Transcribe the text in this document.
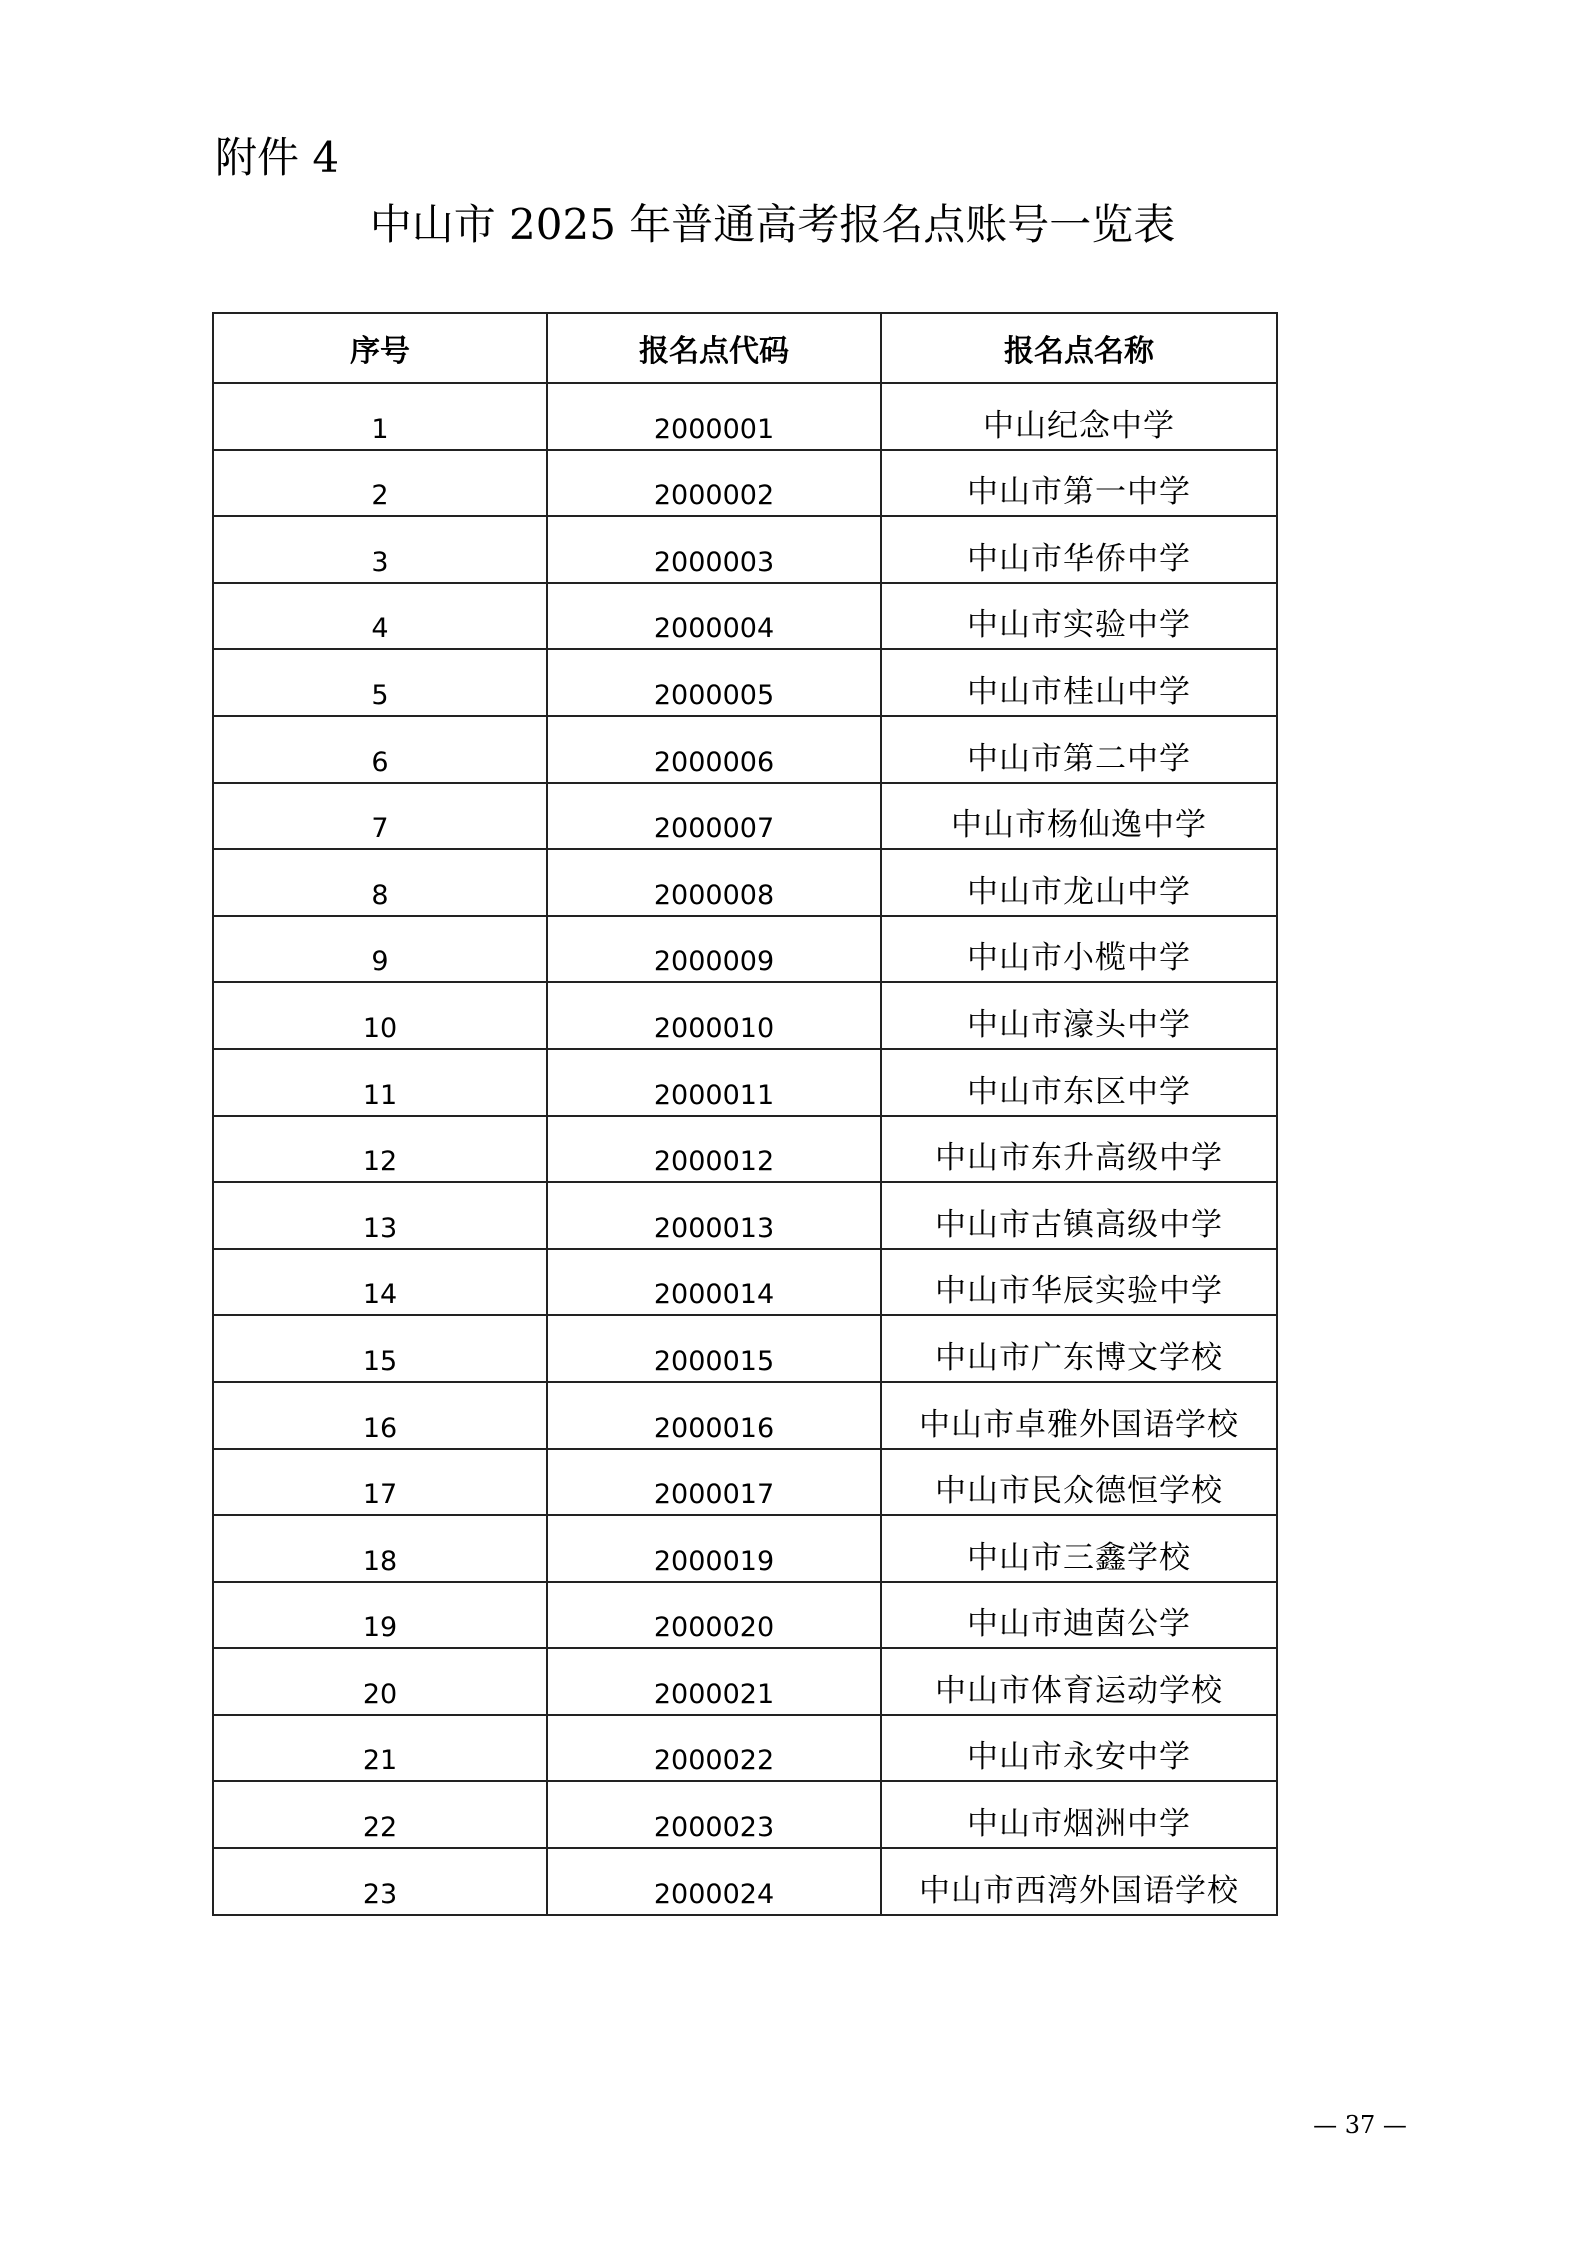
附件 4
中山市 2025 年普通高考报名点账号一览表
序号	报名点代码	报名点名称
1	2000001	中山纪念中学
2	2000002	中山市第一中学
3	2000003	中山市华侨中学
4	2000004	中山市实验中学
5	2000005	中山市桂山中学
6	2000006	中山市第二中学
7	2000007	中山市杨仙逸中学
8	2000008	中山市龙山中学
9	2000009	中山市小榄中学
10	2000010	中山市濠头中学
11	2000011	中山市东区中学
12	2000012	中山市东升高级中学
13	2000013	中山市古镇高级中学
14	2000014	中山市华辰实验中学
15	2000015	中山市广东博文学校
16	2000016	中山市卓雅外国语学校
17	2000017	中山市民众德恒学校
18	2000019	中山市三鑫学校
19	2000020	中山市迪茵公学
20	2000021	中山市体育运动学校
21	2000022	中山市永安中学
22	2000023	中山市烟洲中学
23	2000024	中山市西湾外国语学校
— 37 —
